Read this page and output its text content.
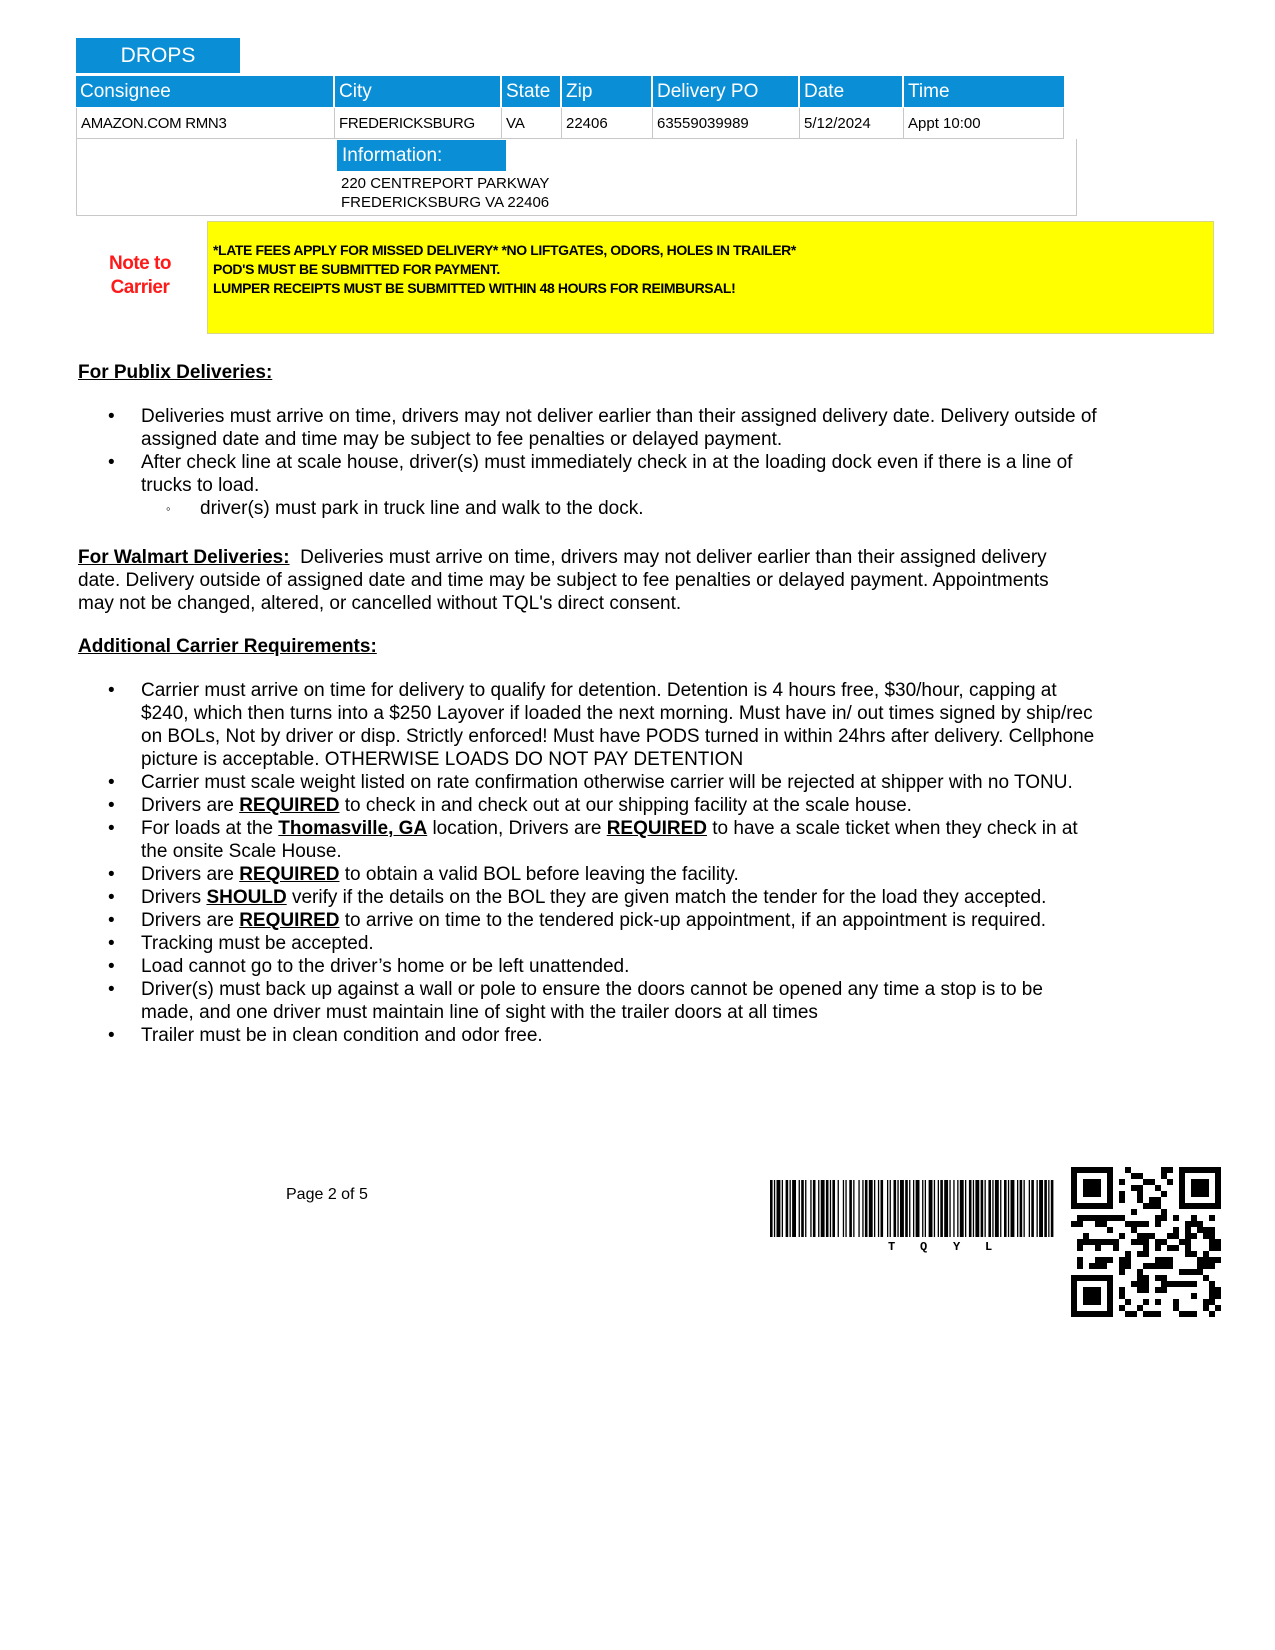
DROPS
Consignee	City	State Zip	Delivery PO	Date	Time
AMAZON.COM RMN3	FREDERICKSBURG	VA	22406	63559039989	5/12/2024	Appt 10:00
Information:
220 CENTREPORT PARKWAY
FREDERICKSBURG VA 22406
Note to
Carrier
*LATE FEES APPLY FOR MISSED DELIVERY* *NO LIFTGATES, ODORS, HOLES IN TRAILER*
POD'S MUST BE SUBMITTED FOR PAYMENT.
LUMPER RECEIPTS MUST BE SUBMITTED WITHIN 48 HOURS FOR REIMBURSAL!
For Publix Deliveries:
• Deliveries must arrive on time, drivers may not deliver earlier than their assigned delivery date. Delivery outside of assigned date and time may be subject to fee penalties or delayed payment.
• After check line at scale house, driver(s) must immediately check in at the loading dock even if there is a line of trucks to load.
◦ driver(s) must park in truck line and walk to the dock.
For Walmart Deliveries: Deliveries must arrive on time, drivers may not deliver earlier than their assigned delivery date. Delivery outside of assigned date and time may be subject to fee penalties or delayed payment. Appointments may not be changed, altered, or cancelled without TQL's direct consent.
Additional Carrier Requirements:
• Carrier must arrive on time for delivery to qualify for detention. Detention is 4 hours free, $30/hour, capping at $240, which then turns into a $250 Layover if loaded the next morning. Must have in/ out times signed by ship/rec on BOLs, Not by driver or disp. Strictly enforced! Must have PODS turned in within 24hrs after delivery. Cellphone picture is acceptable. OTHERWISE LOADS DO NOT PAY DETENTION
• Carrier must scale weight listed on rate confirmation otherwise carrier will be rejected at shipper with no TONU.
• Drivers are REQUIRED to check in and check out at our shipping facility at the scale house.
• For loads at the Thomasville, GA location, Drivers are REQUIRED to have a scale ticket when they check in at the onsite Scale House.
• Drivers are REQUIRED to obtain a valid BOL before leaving the facility.
• Drivers SHOULD verify if the details on the BOL they are given match the tender for the load they accepted.
• Drivers are REQUIRED to arrive on time to the tendered pick-up appointment, if an appointment is required.
• Tracking must be accepted.
• Load cannot go to the driver’s home or be left unattended.
• Driver(s) must back up against a wall or pole to ensure the doors cannot be opened any time a stop is to be made, and one driver must maintain line of sight with the trailer doors at all times
• Trailer must be in clean condition and odor free.
Page 2 of 5
T Q Y L
